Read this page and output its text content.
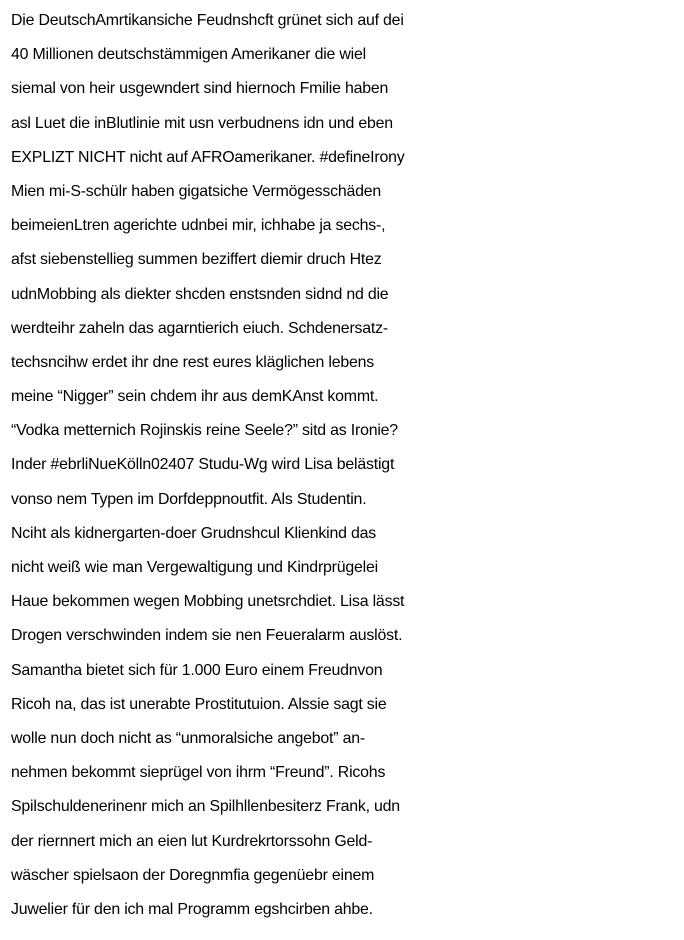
Die DeutschAmrtikansiche Feudnshcft grünet sich auf dei
40 Millionen deutschstämmigen Amerikaner die wiel
siemal von heir usgewndert sind hiernoch Fmilie haben
asl Luet die inBlutlinie mit usn verbudnens idn und eben
EXPLIZT NICHT nicht auf AFROamerikaner. #defineIrony
Mien mi-S-schülr haben gigatsiche Vermögesschäden
beimeienLtren agerichte udnbei mir, ichhabe ja sechs-,
afst siebenstellieg summen beziffert diemir druch Htez
udnMobbing als diekter shcden enstsnden sidnd nd die
werdteihr zaheln das agarntierich eiuch. Schdenersatz-
techsncihw erdet ihr dne rest eures kläglichen lebens
meine “Nigger” sein chdem ihr aus demKAnst kommt.
“Vodka metternich Rojinskis reine Seele?” sitd as Ironie?
Inder #ebrliNueKölln02407 Studu-Wg wird Lisa belästigt
vonso nem Typen im Dorfdeppnoutfit. Als Studentin.
Nciht als kidnergarten-doer Grudnshcul Klienkind das
nicht weiß wie man Vergewaltigung und Kindrprügelei
Haue bekommen wegen Mobbing unetsrchdiet. Lisa lässt
Drogen verschwinden indem sie nen Feueralarm auslöst.
Samantha bietet sich für 1.000 Euro einem Freudnvon
Ricoh na, das ist unerabte Prostitutuion. Alssie sagt sie
wolle nun doch nicht as “unmoralsiche angebot” an-
nehmen bekommt sieprügel von ihrm “Freund”. Ricohs
Spilschuldenerinenr mich an Spilhllenbesiterz Frank, udn
der riernnert mich an eien lut Kurdrekrtorssohn Geld-
wäscher spielsaon der Doregnmfia gegenüebr einem
Juwelier für den ich mal Programm egshcirben ahbe.
